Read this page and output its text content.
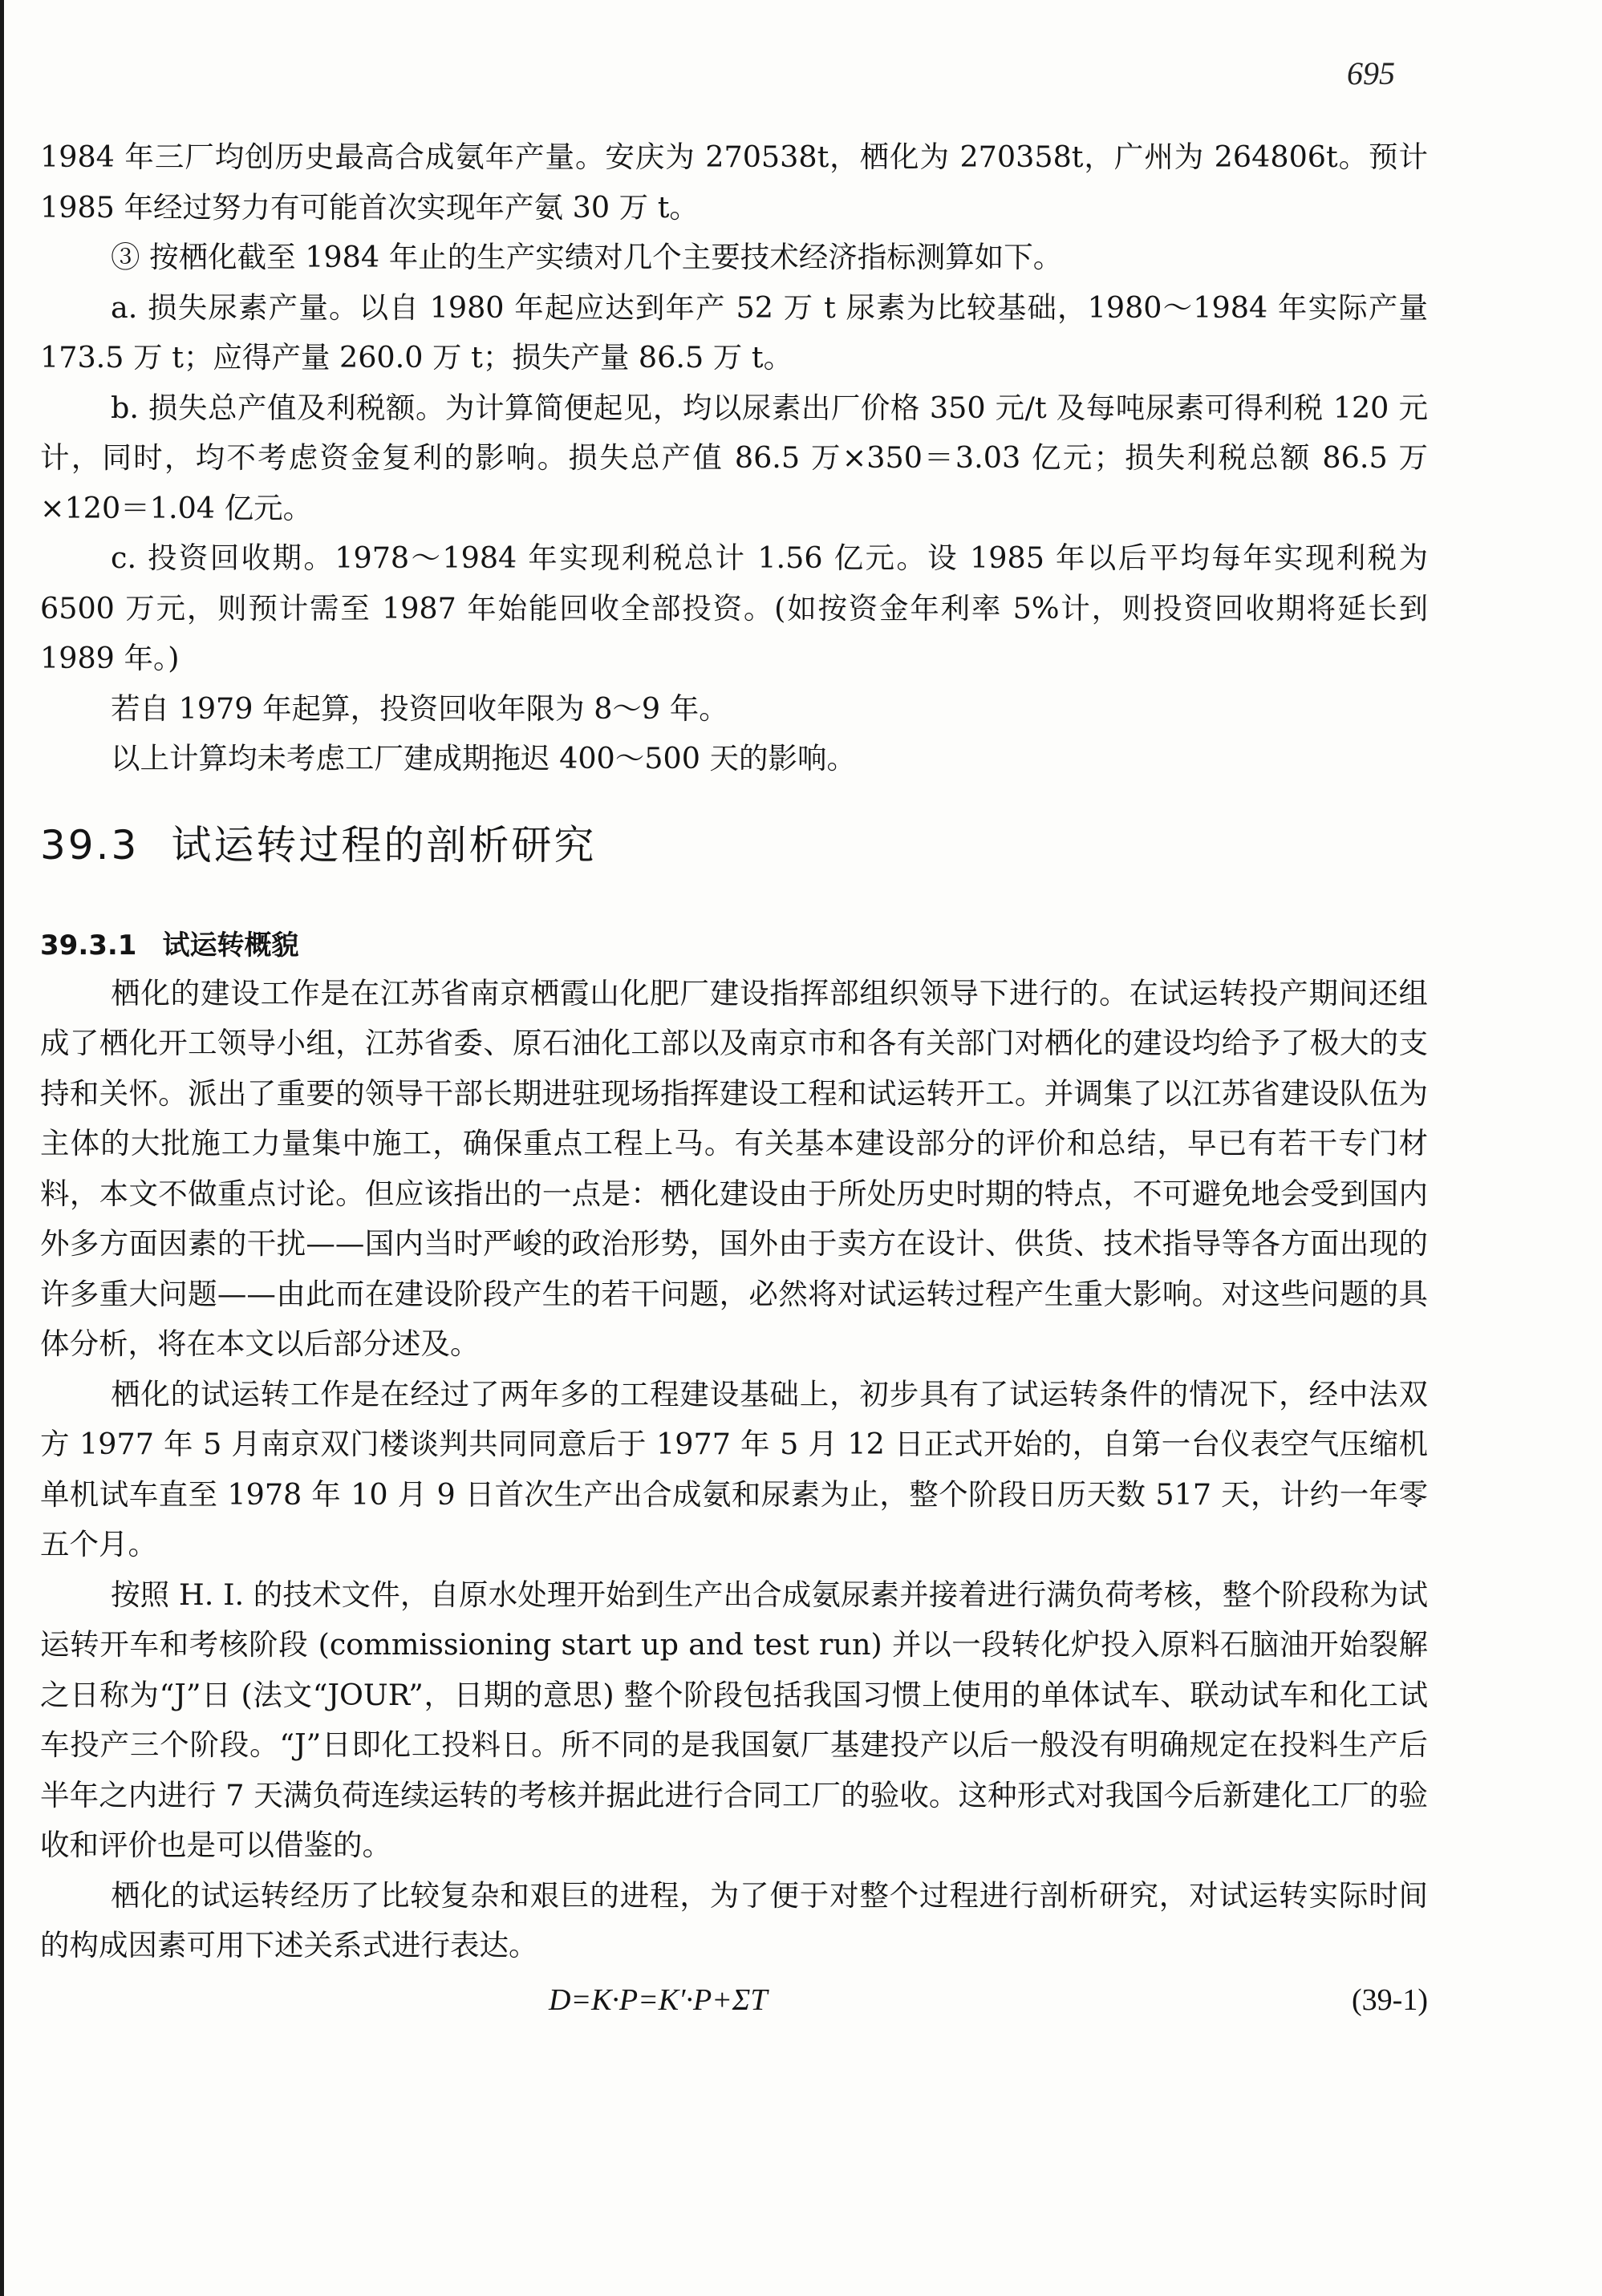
695

1984 年三厂均创历史最高合成氨年产量。安庆为 270538t，栖化为 270358t，广州为 264806t。预计 1985 年经过努力有可能首次实现年产氨 30 万 t。

③ 按栖化截至 1984 年止的生产实绩对几个主要技术经济指标测算如下。

a. 损失尿素产量。以自 1980 年起应达到年产 52 万 t 尿素为比较基础，1980～1984 年实际产量 173.5 万 t；应得产量 260.0 万 t；损失产量 86.5 万 t。

b. 损失总产值及利税额。为计算简便起见，均以尿素出厂价格 350 元/t 及每吨尿素可得利税 120 元计，同时，均不考虑资金复利的影响。损失总产值 86.5 万×350＝3.03 亿元；损失利税总额 86.5 万×120＝1.04 亿元。

c. 投资回收期。1978～1984 年实现利税总计 1.56 亿元。设 1985 年以后平均每年实现利税为 6500 万元，则预计需至 1987 年始能回收全部投资。(如按资金年利率 5%计，则投资回收期将延长到 1989 年。)

若自 1979 年起算，投资回收年限为 8～9 年。

以上计算均未考虑工厂建成期拖迟 400～500 天的影响。

39.3 试运转过程的剖析研究
39.3.1 试运转概貌

栖化的建设工作是在江苏省南京栖霞山化肥厂建设指挥部组织领导下进行的。在试运转投产期间还组成了栖化开工领导小组，江苏省委、原石油化工部以及南京市和各有关部门对栖化的建设均给予了极大的支持和关怀。派出了重要的领导干部长期进驻现场指挥建设工程和试运转开工。并调集了以江苏省建设队伍为主体的大批施工力量集中施工，确保重点工程上马。有关基本建设部分的评价和总结，早已有若干专门材料，本文不做重点讨论。但应该指出的一点是：栖化建设由于所处历史时期的特点，不可避免地会受到国内外多方面因素的干扰——国内当时严峻的政治形势，国外由于卖方在设计、供货、技术指导等各方面出现的许多重大问题——由此而在建设阶段产生的若干问题，必然将对试运转过程产生重大影响。对这些问题的具体分析，将在本文以后部分述及。

栖化的试运转工作是在经过了两年多的工程建设基础上，初步具有了试运转条件的情况下，经中法双方 1977 年 5 月南京双门楼谈判共同同意后于 1977 年 5 月 12 日正式开始的，自第一台仪表空气压缩机单机试车直至 1978 年 10 月 9 日首次生产出合成氨和尿素为止，整个阶段日历天数 517 天，计约一年零五个月。

按照 H. I. 的技术文件，自原水处理开始到生产出合成氨尿素并接着进行满负荷考核，整个阶段称为试运转开车和考核阶段 (commissioning start up and test run) 并以一段转化炉投入原料石脑油开始裂解之日称为“J”日 (法文“JOUR”，日期的意思) 整个阶段包括我国习惯上使用的单体试车、联动试车和化工试车投产三个阶段。“J”日即化工投料日。所不同的是我国氨厂基建投产以后一般没有明确规定在投料生产后半年之内进行 7 天满负荷连续运转的考核并据此进行合同工厂的验收。这种形式对我国今后新建化工厂的验收和评价也是可以借鉴的。

栖化的试运转经历了比较复杂和艰巨的进程，为了便于对整个过程进行剖析研究，对试运转实际时间的构成因素可用下述关系式进行表达。

D=K·P=K′·P+ΣT	(39-1)
